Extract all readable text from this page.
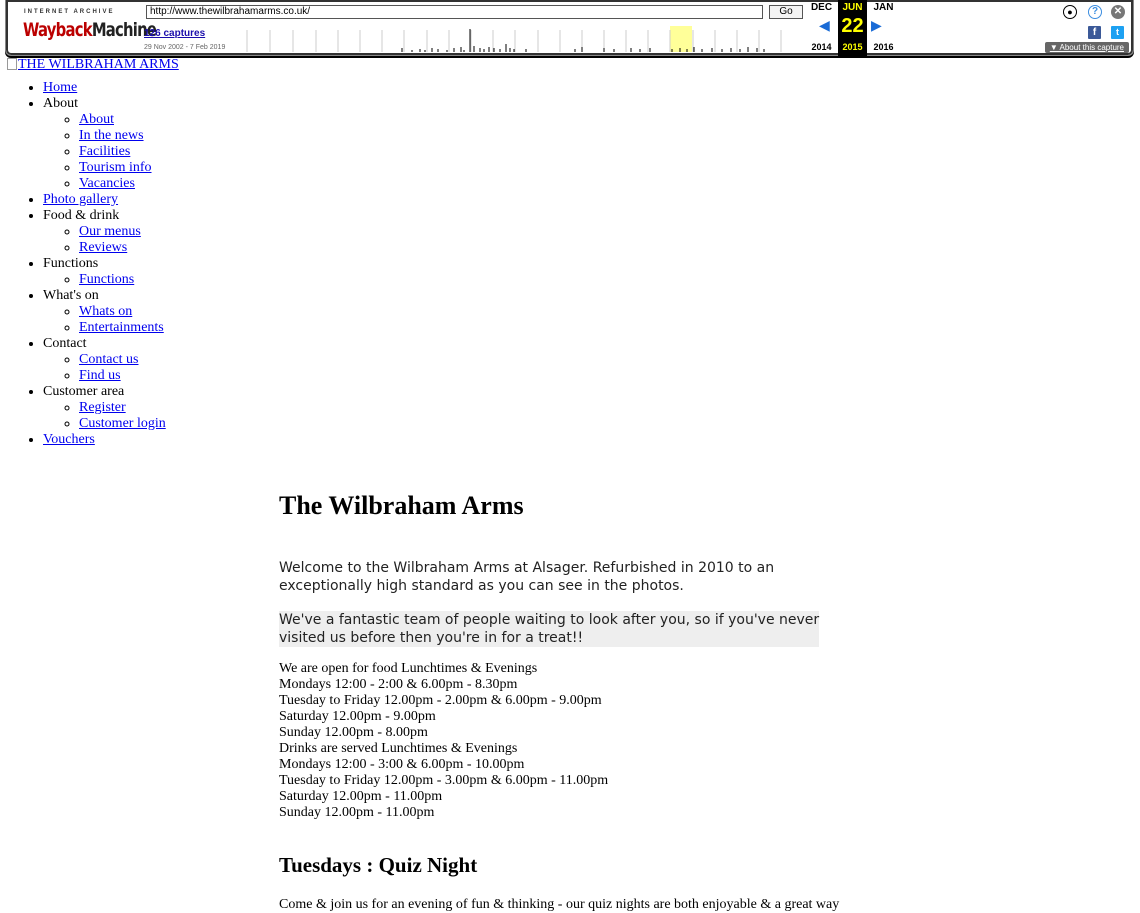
INTERNET ARCHIVE
WaybackMachine
http://www.thewilbrahamarms.co.uk/	Go
126 captures
29 Nov 2002 - 7 Feb 2019
DEC
2014
◀
JUN
22
2015
▶
JAN
2016
●	?	✕
f	t
▼ About this capture
THE WILBRAHAM ARMS
• Home
• About
◦ About
◦ In the news
◦ Facilities
◦ Tourism info
◦ Vacancies
• Photo gallery
• Food & drink
◦ Our menus
◦ Reviews
• Functions
◦ Functions
• What's on
◦ Whats on
◦ Entertainments
• Contact
◦ Contact us
◦ Find us
• Customer area
◦ Register
◦ Customer login
• Vouchers
The Wilbraham Arms

Welcome to the Wilbraham Arms at Alsager. Refurbished in 2010 to an exceptionally high standard as you can see in the photos.

We've a fantastic team of people waiting to look after you, so if you've never
visited us before then you're in for a treat!!

We are open for food Lunchtimes & Evenings
Mondays 12:00 - 2:00 & 6.00pm - 8.30pm
Tuesday to Friday 12.00pm - 2.00pm & 6.00pm - 9.00pm
Saturday 12.00pm - 9.00pm
Sunday 12.00pm - 8.00pm
Drinks are served Lunchtimes & Evenings
Mondays 12:00 - 3:00 & 6.00pm - 10.00pm
Tuesday to Friday 12.00pm - 3.00pm & 6.00pm - 11.00pm
Saturday 12.00pm - 11.00pm
Sunday 12.00pm - 11.00pm
Tuesdays : Quiz Night

Come & join us for an evening of fun & thinking - our quiz nights are both enjoyable & a great way
